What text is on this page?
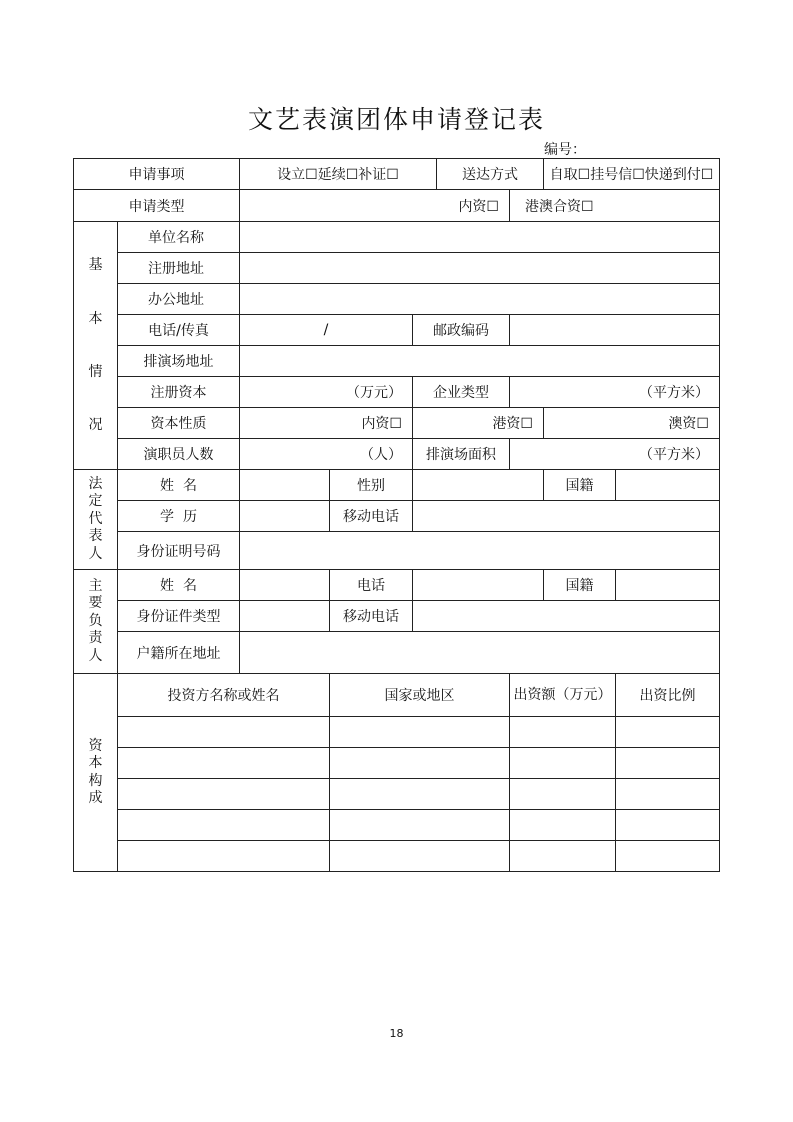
文艺表演团体申请登记表
编号：
申请事项		设立☐延续☐补证☐			送达方式		自取☐挂号信☐快递到付☐	
申请类型		内资☐				港澳合资☐		

基

本

情

况	单位名称							
	注册地址							
	办公地址							
	电话/传真	/		邮政编码				
	排演场地址							
	注册资本	（万元）		企业类型		（平方米）		
	资本性质	内资☐		港资☐			澳资☐	
	演职员人数	（人）		排演场面积		（平方米）		

法
定
代
表
人	姓  名		性别				国籍	
	学  历		移动电话					
	身份证明号码							

主
要
负
责
人	姓  名		电话				国籍	
	身份证件类型		移动电话					
	户籍所在地址							

资
本
构
成	投资方名称或姓名		国家或地区			出资额（万元）		出资比例

18
